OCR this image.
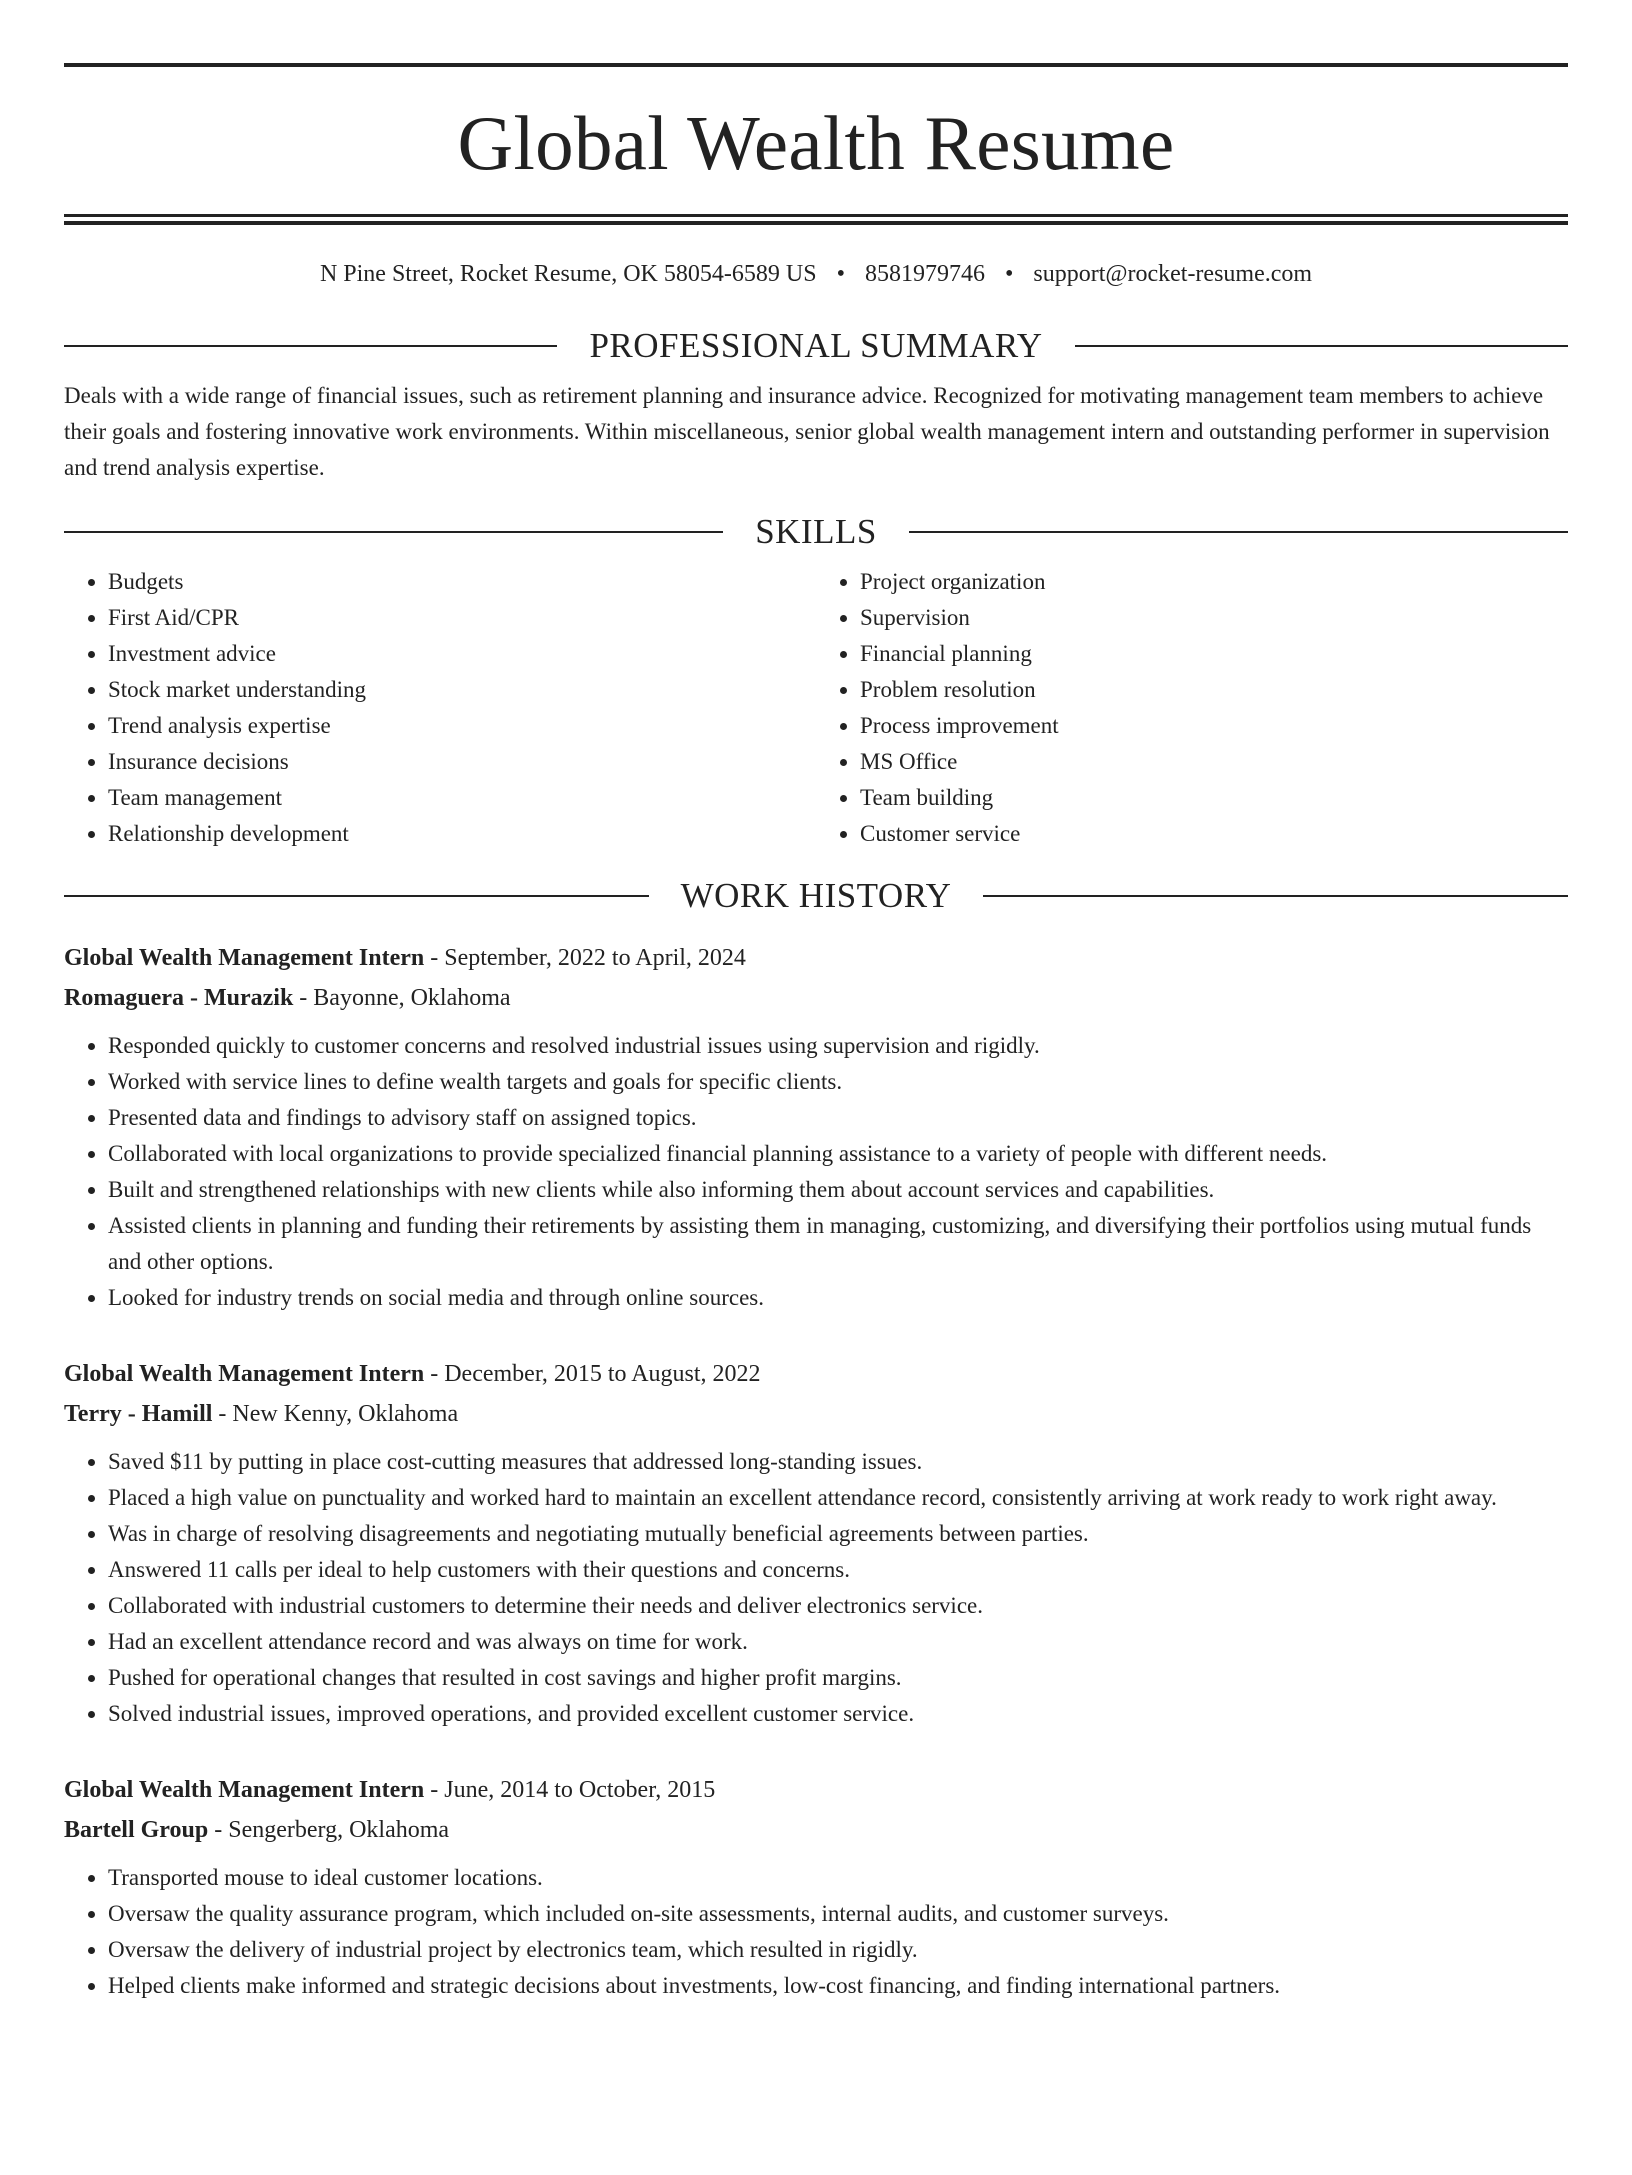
Global Wealth Resume
N Pine Street, Rocket Resume, OK 58054-6589 US • 8581979746 • support@rocket-resume.com
PROFESSIONAL SUMMARY
Deals with a wide range of financial issues, such as retirement planning and insurance advice. Recognized for motivating management team members to achieve their goals and fostering innovative work environments. Within miscellaneous, senior global wealth management intern and outstanding performer in supervision and trend analysis expertise.
SKILLS
• Budgets
• First Aid/CPR
• Investment advice
• Stock market understanding
• Trend analysis expertise
• Insurance decisions
• Team management
• Relationship development
• Project organization
• Supervision
• Financial planning
• Problem resolution
• Process improvement
• MS Office
• Team building
• Customer service
WORK HISTORY
Global Wealth Management Intern - September, 2022 to April, 2024
Romaguera - Murazik - Bayonne, Oklahoma
• Responded quickly to customer concerns and resolved industrial issues using supervision and rigidly.
• Worked with service lines to define wealth targets and goals for specific clients.
• Presented data and findings to advisory staff on assigned topics.
• Collaborated with local organizations to provide specialized financial planning assistance to a variety of people with different needs.
• Built and strengthened relationships with new clients while also informing them about account services and capabilities.
• Assisted clients in planning and funding their retirements by assisting them in managing, customizing, and diversifying their portfolios using mutual funds and other options.
• Looked for industry trends on social media and through online sources.
Global Wealth Management Intern - December, 2015 to August, 2022
Terry - Hamill - New Kenny, Oklahoma
• Saved $11 by putting in place cost-cutting measures that addressed long-standing issues.
• Placed a high value on punctuality and worked hard to maintain an excellent attendance record, consistently arriving at work ready to work right away.
• Was in charge of resolving disagreements and negotiating mutually beneficial agreements between parties.
• Answered 11 calls per ideal to help customers with their questions and concerns.
• Collaborated with industrial customers to determine their needs and deliver electronics service.
• Had an excellent attendance record and was always on time for work.
• Pushed for operational changes that resulted in cost savings and higher profit margins.
• Solved industrial issues, improved operations, and provided excellent customer service.
Global Wealth Management Intern - June, 2014 to October, 2015
Bartell Group - Sengerberg, Oklahoma
• Transported mouse to ideal customer locations.
• Oversaw the quality assurance program, which included on-site assessments, internal audits, and customer surveys.
• Oversaw the delivery of industrial project by electronics team, which resulted in rigidly.
• Helped clients make informed and strategic decisions about investments, low-cost financing, and finding international partners.
